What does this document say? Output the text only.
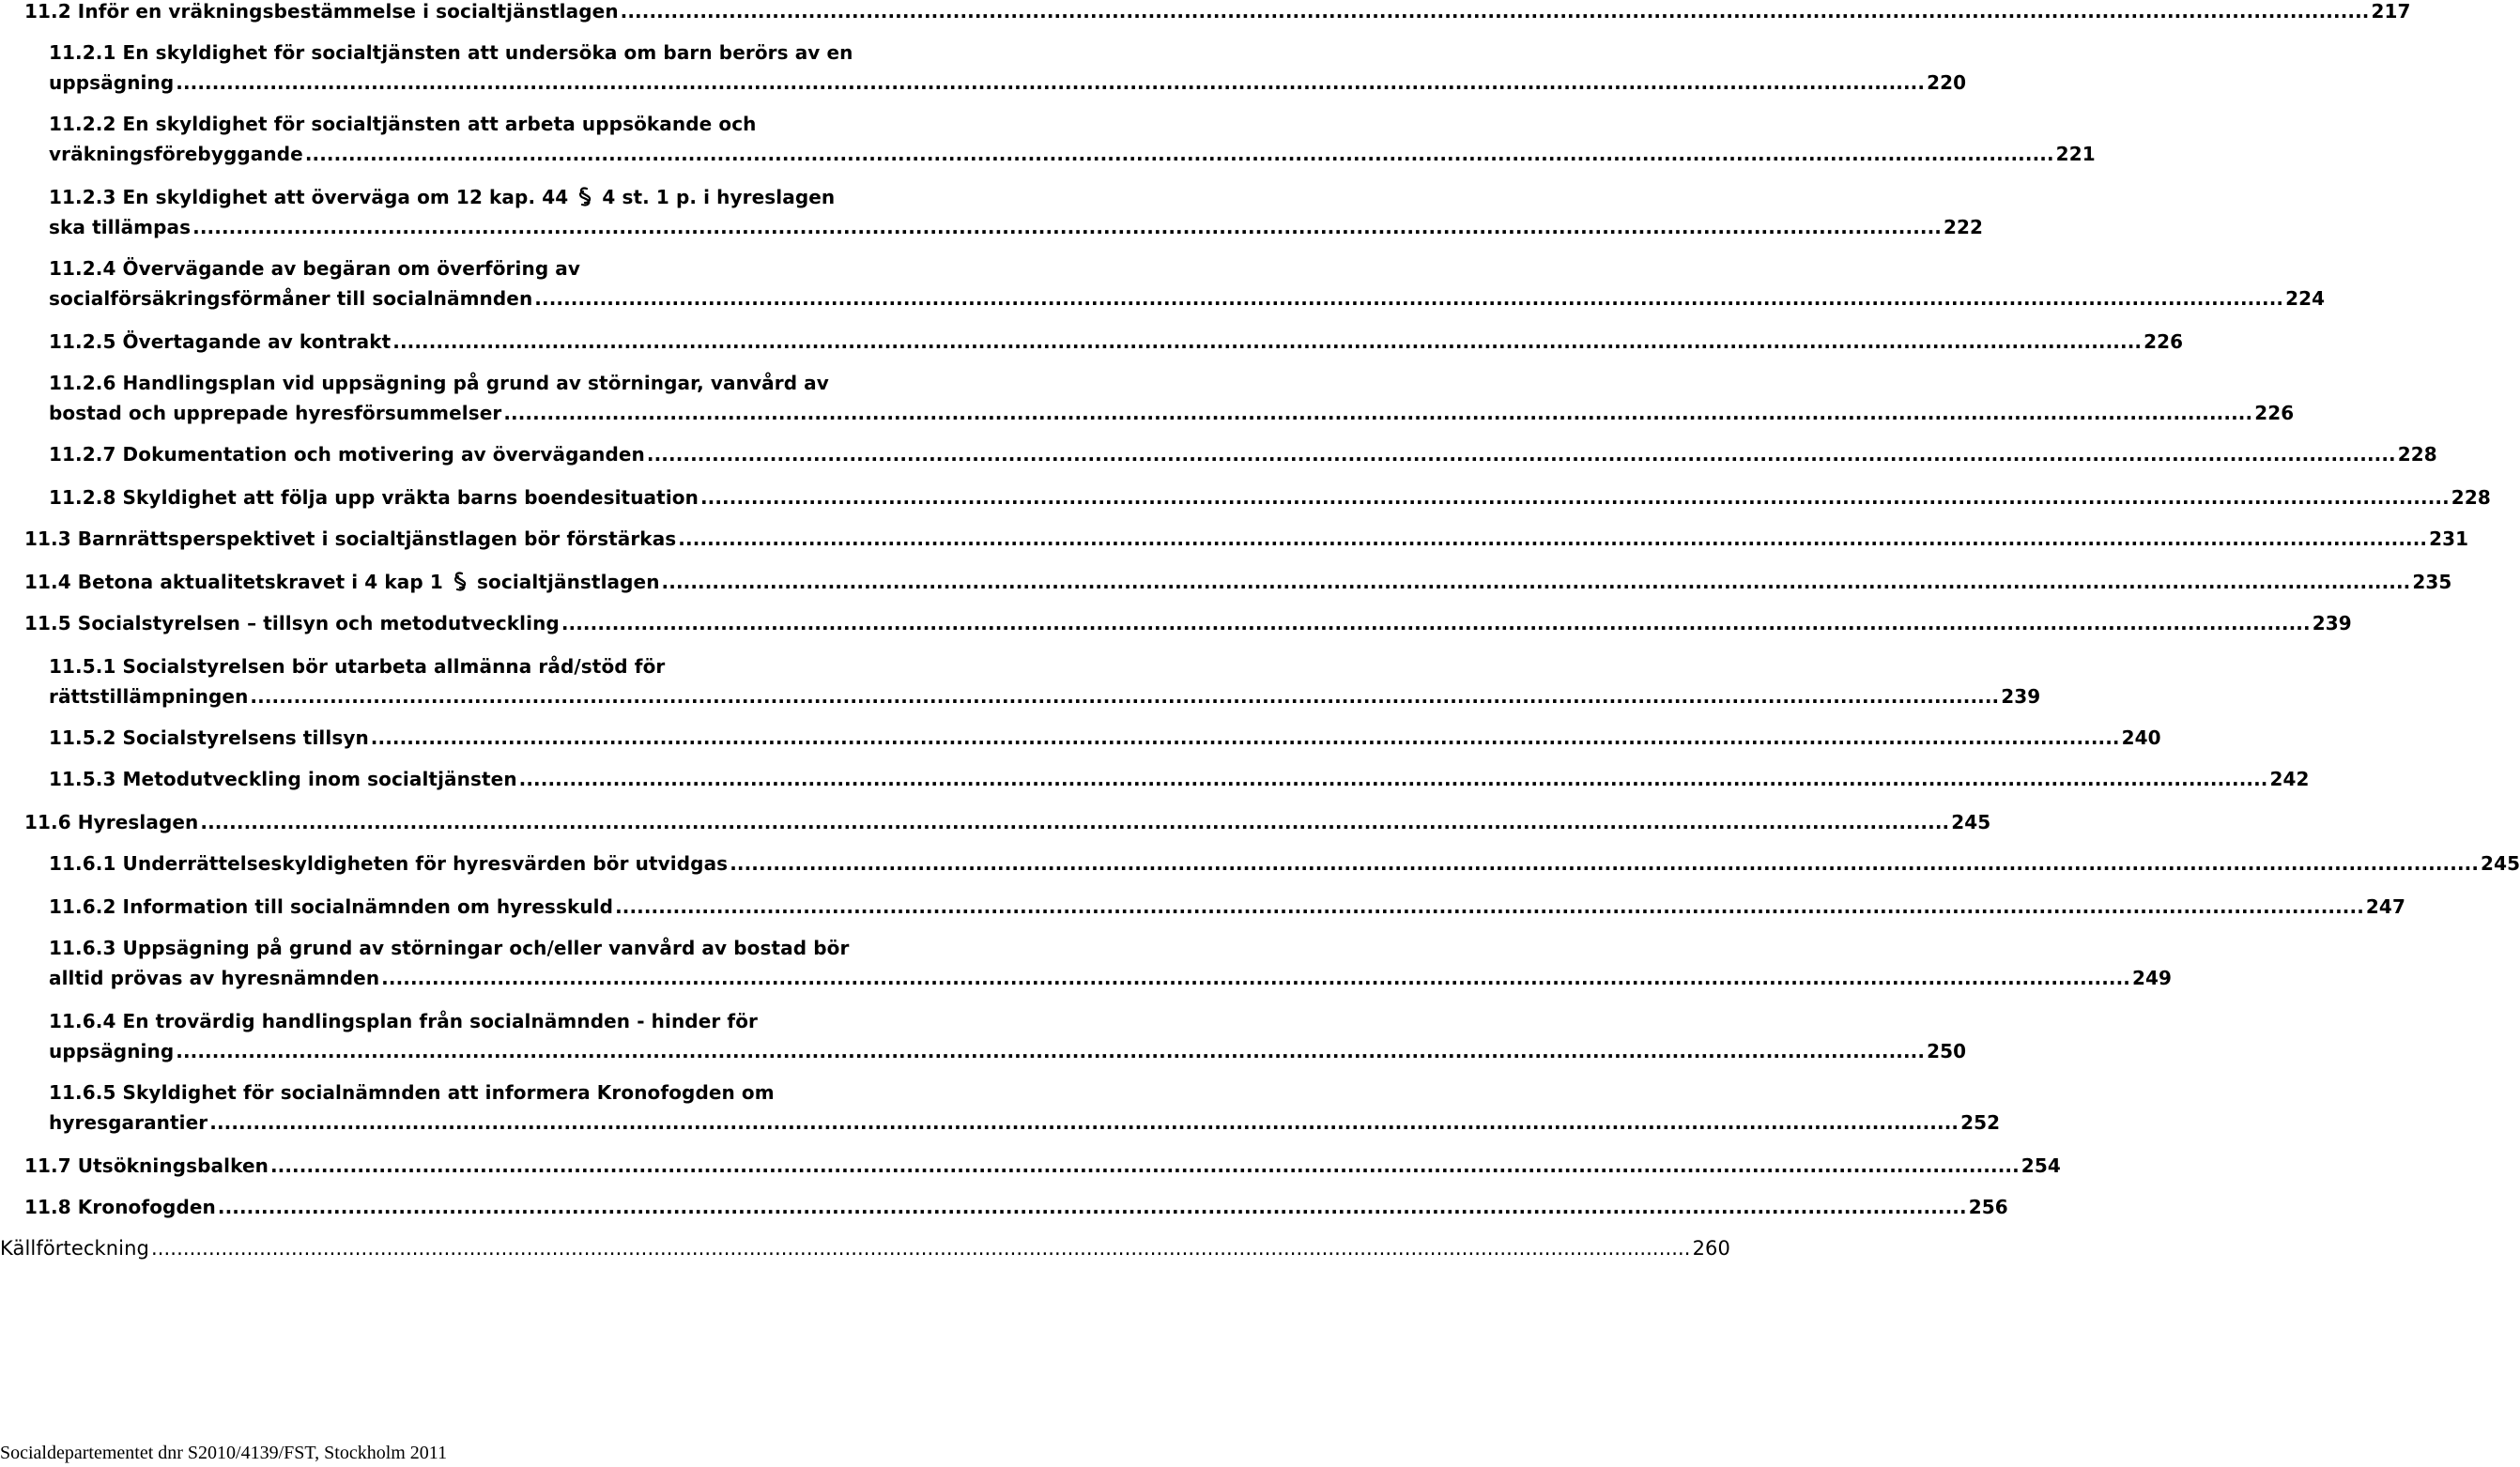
11.2 Inför en vräkningsbestämmelse i socialtjänstlagen .....	217
11.2.1 En skyldighet för socialtjänsten att undersöka om barn berörs av en
uppsägning .....	220
11.2.2 En skyldighet för socialtjänsten att arbeta uppsökande och
vräkningsförebyggande .....	221
11.2.3 En skyldighet att överväga om 12 kap. 44 4 st. 1 p. i hyreslagen
ska tillämpas .....	222
11.2.4 Övervägande av begäran om överföring av
socialförsäkringsförmåner till socialnämnden .....	224
11.2.5 Övertagande av kontrakt .....	226
11.2.6 Handlingsplan vid uppsägning på grund av störningar, vanvård av
bostad och upprepade hyresförsummelser .....	226
11.2.7 Dokumentation och motivering av överväganden .....	228
11.2.8 Skyldighet att följa upp vräkta barns boendesituation .....	228
11.3 Barnrättsperspektivet i socialtjänstlagen bör förstärkas .....	231
11.4 Betona aktualitetskravet i 4 kap 1 socialtjänstlagen .....	235
11.5 Socialstyrelsen – tillsyn och metodutveckling .....	239
11.5.1 Socialstyrelsen bör utarbeta allmänna råd/stöd för
rättstillämpningen .....	239
11.5.2 Socialstyrelsens tillsyn .....	240
11.5.3 Metodutveckling inom socialtjänsten .....	242
11.6 Hyreslagen .....	245
11.6.1 Underrättelseskyldigheten för hyresvärden bör utvidgas .....	245
11.6.2 Information till socialnämnden om hyresskuld .....	247
11.6.3 Uppsägning på grund av störningar och/eller vanvård av bostad bör
alltid prövas av hyresnämnden .....	249
11.6.4 En trovärdig handlingsplan från socialnämnden - hinder för
uppsägning .....	250
11.6.5 Skyldighet för socialnämnden att informera Kronofogden om
hyresgarantier .....	252
11.7 Utsökningsbalken .....	254
11.8 Kronofogden .....	256
Källförteckning .....	260
Socialdepartementet dnr S2010/4139/FST, Stockholm 2011
